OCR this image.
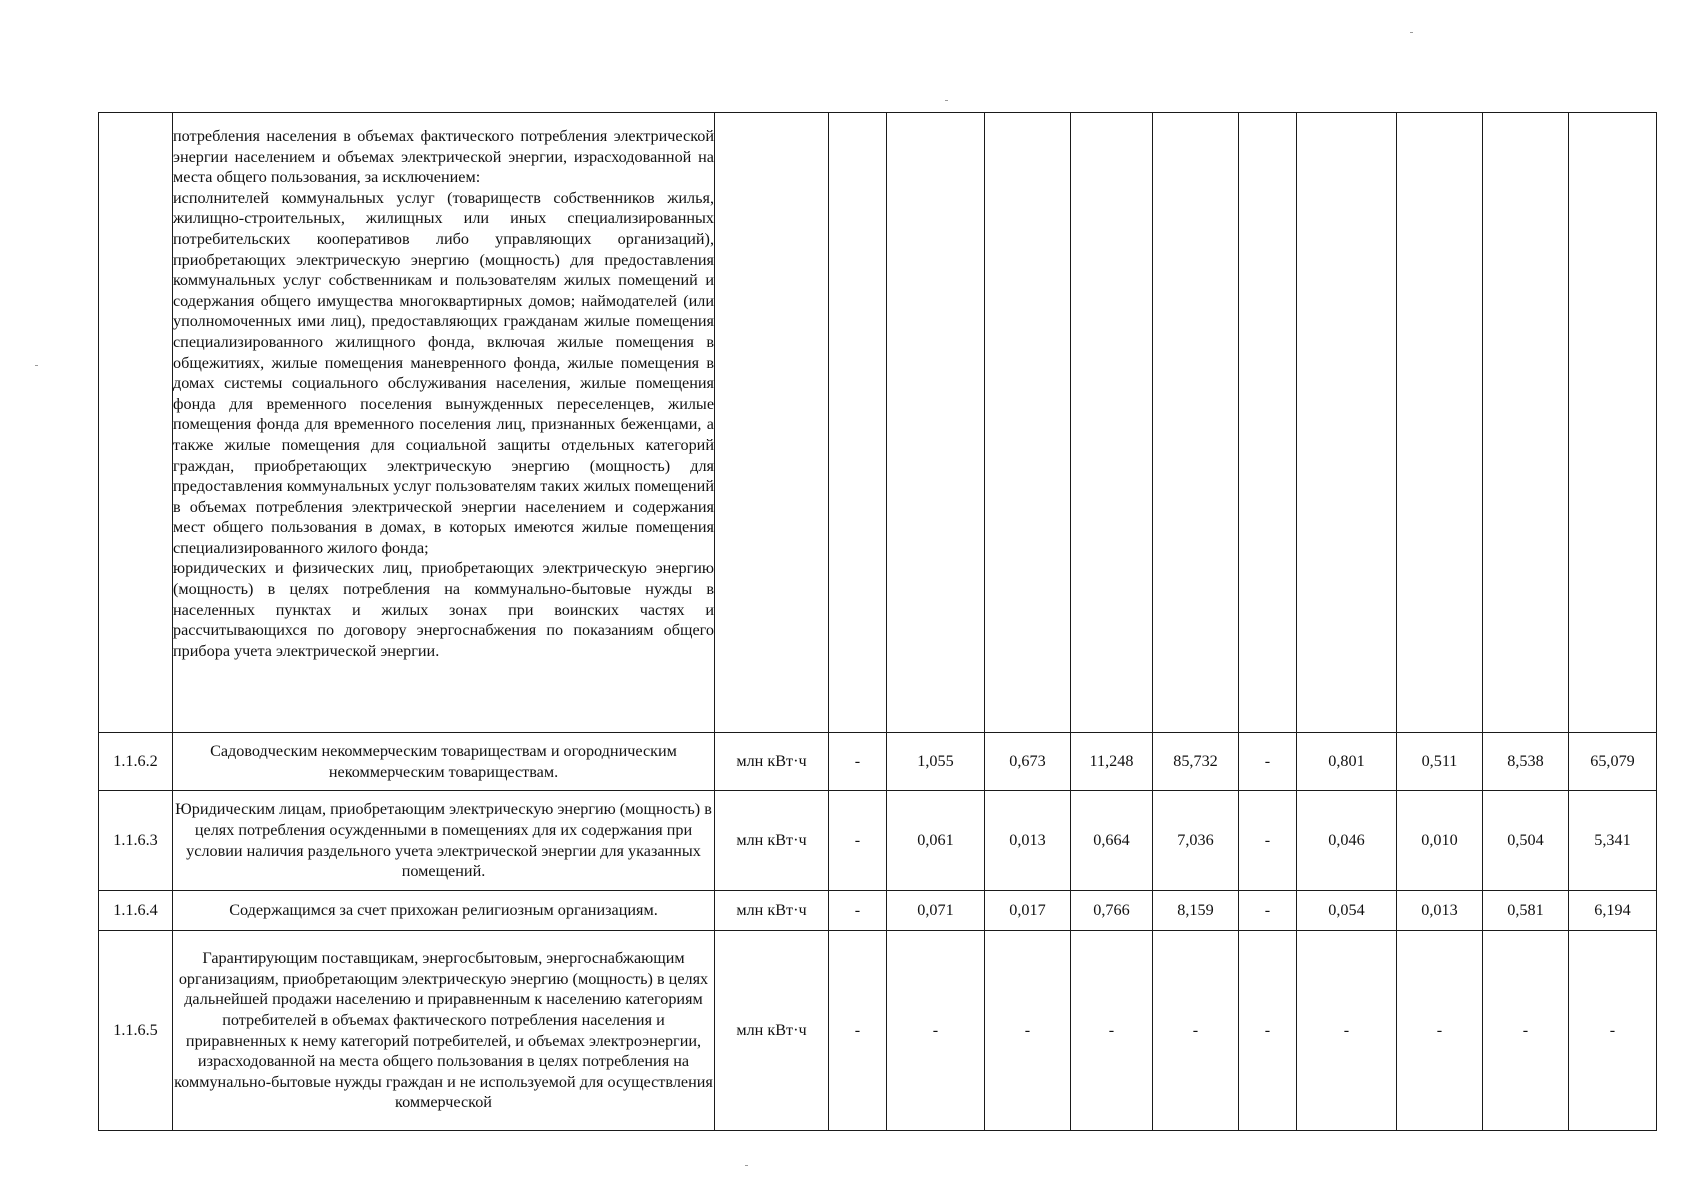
	потребления населения в объемах фактического потребления электрической энергии населением и объемах электрической энергии, израсходованной на места общего пользования, за исключением:
исполнителей коммунальных услуг (товариществ собственников жилья, жилищно-строительных, жилищных или иных специализированных потребительских кооперативов либо управляющих организаций), приобретающих электрическую энергию (мощность) для предоставления коммунальных услуг собственникам и пользователям жилых помещений и содержания общего имущества многоквартирных домов; наймодателей (или уполномоченных ими лиц), предоставляющих гражданам жилые помещения специализированного жилищного фонда, включая жилые помещения в общежитиях, жилые помещения маневренного фонда, жилые помещения в домах системы социального обслуживания населения, жилые помещения фонда для временного поселения вынужденных переселенцев, жилые помещения фонда для временного поселения лиц, признанных беженцами, а также жилые помещения для социальной защиты отдельных категорий граждан, приобретающих электрическую энергию (мощность) для предоставления коммунальных услуг пользователям таких жилых помещений в объемах потребления электрической энергии населением и содержания мест общего пользования в домах, в которых имеются жилые помещения специализированного жилого фонда;
юридических и физических лиц, приобретающих электрическую энергию (мощность) в целях потребления на коммунально-бытовые нужды в населенных пунктах и жилых зонах при воинских частях и рассчитывающихся по договору энергоснабжения по показаниям общего прибора учета электрической энергии.											

1.1.6.2	Садоводческим некоммерческим товариществам и огородническим некоммерческим товариществам.	млн кВт·ч	-	1,055	0,673	11,248	85,732	-	0,801	0,511	8,538	65,079
1.1.6.3	Юридическим лицам, приобретающим электрическую энергию (мощность) в целях потребления осужденными в помещениях для их содержания при условии наличия раздельного учета электрической энергии для указанных помещений.	млн кВт·ч	-	0,061	0,013	0,664	7,036	-	0,046	0,010	0,504	5,341
1.1.6.4	Содержащимся за счет прихожан религиозным организациям.	млн кВт·ч	-	0,071	0,017	0,766	8,159	-	0,054	0,013	0,581	6,194
1.1.6.5	Гарантирующим поставщикам, энергосбытовым, энергоснабжающим организациям, приобретающим электрическую энергию (мощность) в целях дальнейшей продажи населению и приравненным к населению категориям потребителей в объемах фактического потребления населения и приравненных к нему категорий потребителей, и объемах электроэнергии, израсходованной на места общего пользования в целях потребления на коммунально-бытовые нужды граждан и не используемой для осуществления коммерческой	млн кВт·ч	-	-	-	-	-	-	-	-	-	-
